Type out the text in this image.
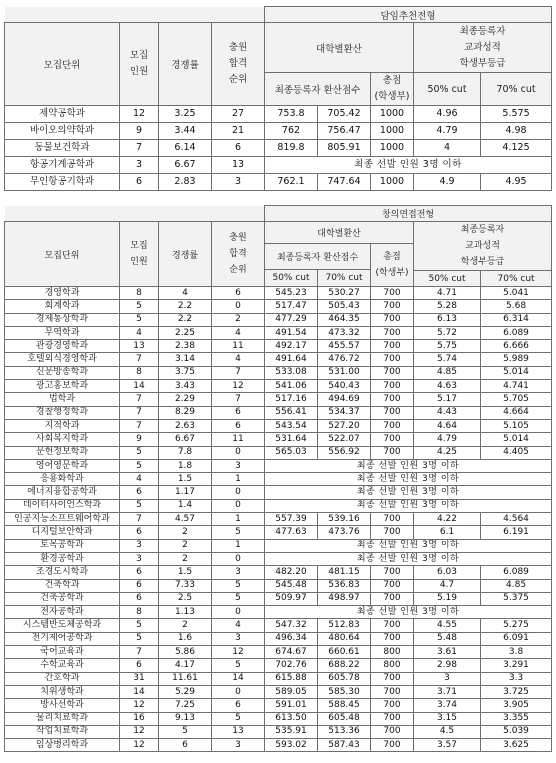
				담임추천전형				
모집단위	모집
인원	경쟁률	충원
합격
순위	대학별환산			최종등록자
교과성적
학생부등급	
				최종등록자 환산점수		총점
(학생부)		
							50% cut	70% cut
제약공학과	12	3.25	27	753.8	705.42	1000	4.96	5.575
바이오의약학과	9	3.44	21	762	756.47	1000	4.79	4.98
동물보건학과	7	6.14	6	819.8	805.91	1000	4	4.125
항공기계공학과	3	6.67	13	최종 선발 인원 3명 이하				
무인항공기학과	6	2.83	3	762.1	747.64	1000	4.9	4.95
				창의면접전형				
모집단위	모집
인원	경쟁률	충원
합격
순위	대학별환산			최종등록자
교과성적
학생부등급	
				최종등록자 환산점수		총점
(학생부)		
				50% cut	70% cut			
							50% cut	70% cut
경영학과	8	4	6	545.23	530.27	700	4.71	5.041
회계학과	5	2.2	0	517.47	505.43	700	5.28	5.68
경제통상학과	5	2.2	2	477.29	464.35	700	6.13	6.314
무역학과	4	2.25	4	491.54	473.32	700	5.72	6.089
관광경영학과	13	2.38	11	492.17	455.57	700	5.75	6.666
호텔외식경영학과	7	3.14	4	491.64	476.72	700	5.74	5.989
신문방송학과	8	3.75	7	533.08	531.00	700	4.85	5.014
광고홍보학과	14	3.43	12	541.06	540.43	700	4.63	4.741
법학과	7	2.29	7	517.16	494.69	700	5.17	5.705
경찰행정학과	7	8.29	6	556.41	534.37	700	4.43	4.664
지적학과	7	2.63	6	543.54	527.20	700	4.64	5.105
사회복지학과	9	6.67	11	531.64	522.07	700	4.79	5.014
문헌정보학과	5	7.8	0	565.03	556.92	700	4.25	4.405
영어영문학과	5	1.8	3	최종 선발 인원 3명 이하				
응용화학과	4	1.5	1	최종 선발 인원 3명 이하				
에너지융합공학과	6	1.17	0	최종 선발 인원 3명 이하				
데이터사이언스학과	5	1.4	0	최종 선발 인원 3명 이하				
인공지능소프트웨어학과	7	4.57	1	557.39	539.16	700	4.22	4.564
디지털보안학과	6	2	5	477.63	473.76	700	6.1	6.191
토목공학과	3	2	1	최종 선발 인원 3명 이하				
환경공학과	3	2	0	최종 선발 인원 3명 이하				
조경도시학과	6	1.5	3	482.20	481.15	700	6.03	6.089
건축학과	6	7.33	5	545.48	536.83	700	4.7	4.85
건축공학과	6	2.5	5	509.97	498.97	700	5.19	5.375
전자공학과	8	1.13	0	최종 선발 인원 3명 이하				
시스템반도체공학과	5	2	4	547.32	512.83	700	4.55	5.275
전기제어공학과	5	1.6	3	496.34	480.64	700	5.48	6.091
국어교육과	7	5.86	12	674.67	660.61	800	3.61	3.8
수학교육과	6	4.17	5	702.76	688.22	800	2.98	3.291
간호학과	31	11.61	14	615.88	605.78	700	3	3.3
치위생학과	14	5.29	0	589.05	585.30	700	3.71	3.725
방사선학과	12	7.25	6	591.01	588.45	700	3.74	3.905
물리치료학과	16	9.13	5	613.50	605.48	700	3.15	3.355
작업치료학과	12	5	13	535.91	513.36	700	4.5	5.039
임상병리학과	12	6	3	593.02	587.43	700	3.57	3.625
